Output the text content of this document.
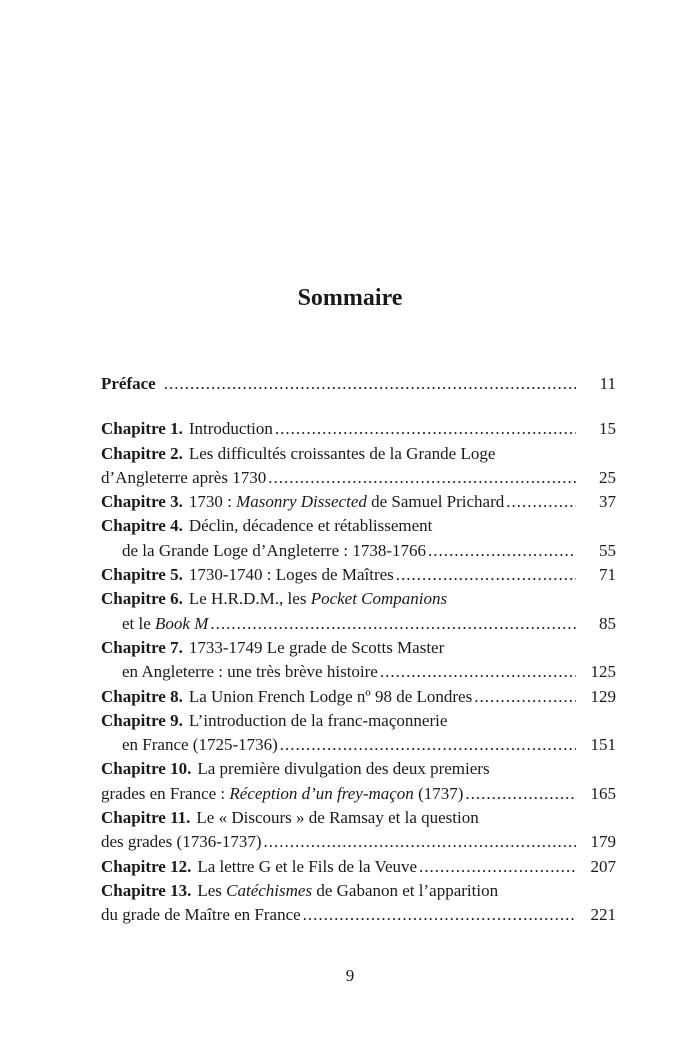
Sommaire
Préface .....	11
Chapitre 1. Introduction .....	15
Chapitre 2. Les difficultés croissantes de la Grande Loge
d’Angleterre après 1730 .....	25
Chapitre 3. 1730 : Masonry Dissected de Samuel Prichard .....	37
Chapitre 4. Déclin, décadence et rétablissement
de la Grande Loge d’Angleterre : 1738-1766 .....	55
Chapitre 5. 1730-1740 : Loges de Maîtres .....	71
Chapitre 6. Le H.R.D.M., les Pocket Companions
et le Book M .....	85
Chapitre 7. 1733-1749 Le grade de Scotts Master
en Angleterre : une très brève histoire .....	125
Chapitre 8. La Union French Lodge nº 98 de Londres .....	129
Chapitre 9. L’introduction de la franc-maçonnerie
en France (1725-1736) .....	151
Chapitre 10. La première divulgation des deux premiers
grades en France : Réception d’un frey-maçon (1737) .....	165
Chapitre 11. Le « Discours » de Ramsay et la question
des grades (1736-1737) .....	179
Chapitre 12. La lettre G et le Fils de la Veuve .....	207
Chapitre 13. Les Catéchismes de Gabanon et l’apparition
du grade de Maître en France .....	221
9
